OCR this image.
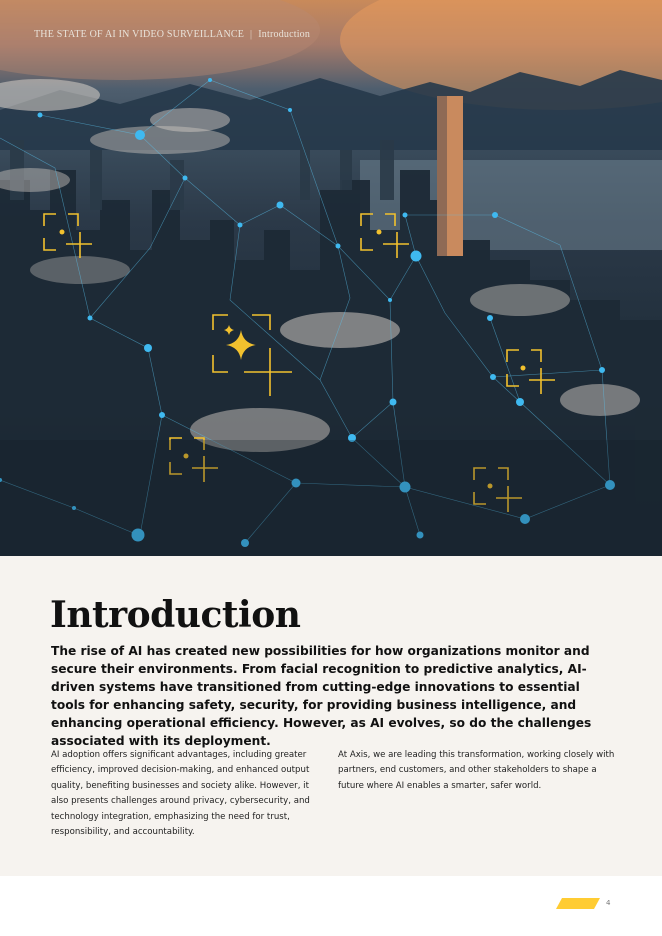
THE STATE OF AI IN VIDEO SURVEILLANCE | Introduction
Introduction

The rise of AI has created new possibilities for how organizations monitor and secure their environments. From facial recognition to predictive analytics, AI-driven systems have transitioned from cutting-edge innovations to essential tools for enhancing safety, security, for providing business intelligence, and enhancing operational efficiency. However, as AI evolves, so do the challenges associated with its deployment.

AI adoption offers significant advantages, including greater efficiency, improved decision-making, and enhanced output quality, benefiting businesses and society alike. However, it also presents challenges around privacy, cybersecurity, and technology integration, emphasizing the need for trust, responsibility, and accountability.

At Axis, we are leading this transformation, working closely with partners, end customers, and other stakeholders to shape a future where AI enables a smarter, safer world.

4
